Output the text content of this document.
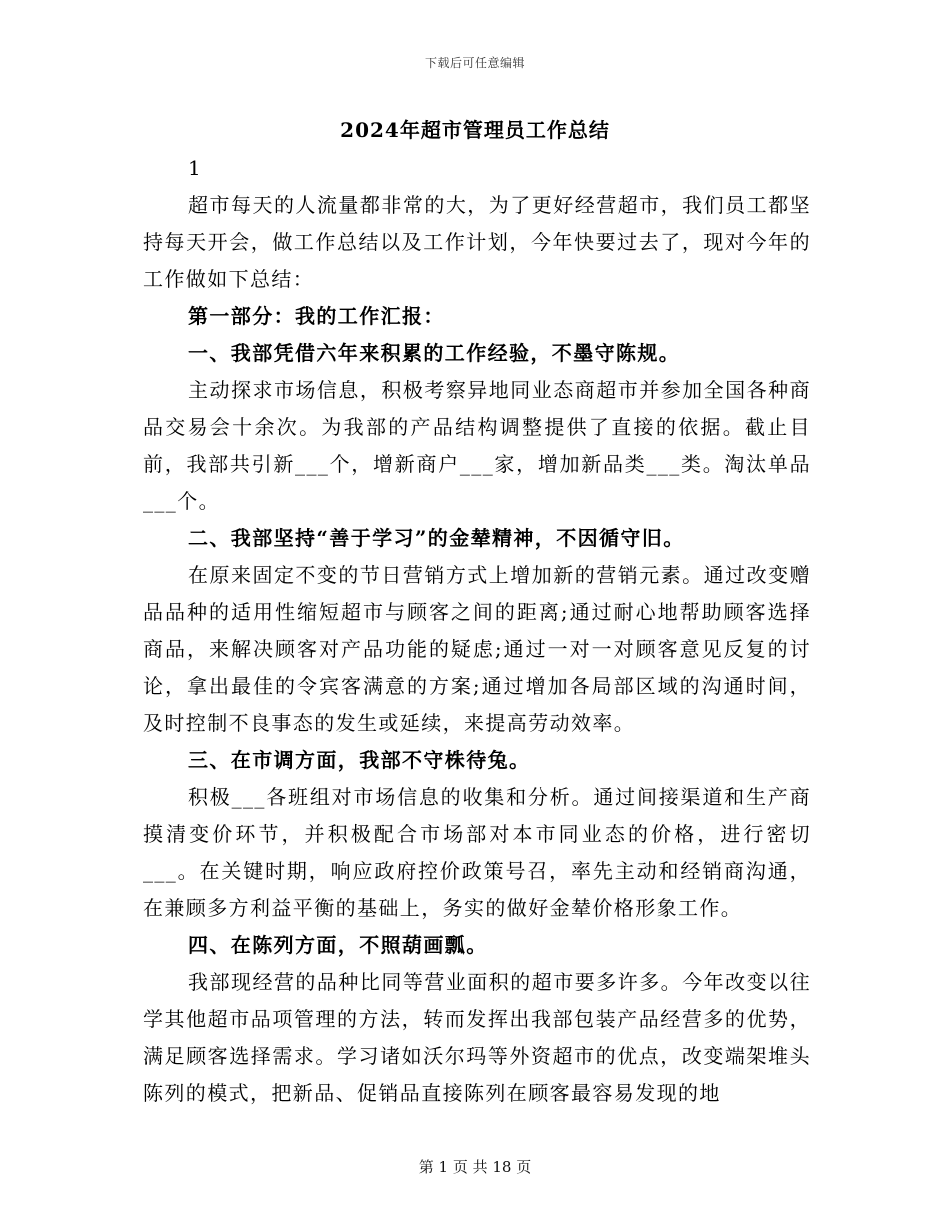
下载后可任意编辑
2024年超市管理员工作总结
1

超市每天的人流量都非常的大，为了更好经营超市，我们员工都坚持每天开会，做工作总结以及工作计划，今年快要过去了，现对今年的工作做如下总结：

第一部分：我的工作汇报：

一、我部凭借六年来积累的工作经验，不墨守陈规。

主动探求市场信息，积极考察异地同业态商超市并参加全国各种商品交易会十余次。为我部的产品结构调整提供了直接的依据。截止目前，我部共引新___个，增新商户___家，增加新品类___类。淘汰单品___个。

二、我部坚持“善于学习”的金辇精神，不因循守旧。

在原来固定不变的节日营销方式上增加新的营销元素。通过改变赠品品种的适用性缩短超市与顾客之间的距离;通过耐心地帮助顾客选择商品，来解决顾客对产品功能的疑虑;通过一对一对顾客意见反复的讨论，拿出最佳的令宾客满意的方案;通过增加各局部区域的沟通时间，及时控制不良事态的发生或延续，来提高劳动效率。

三、在市调方面，我部不守株待兔。

积极___各班组对市场信息的收集和分析。通过间接渠道和生产商摸清变价环节，并积极配合市场部对本市同业态的价格，进行密切___。在关键时期，响应政府控价政策号召，率先主动和经销商沟通，在兼顾多方利益平衡的基础上，务实的做好金辇价格形象工作。

四、在陈列方面，不照葫画瓢。

我部现经营的品种比同等营业面积的超市要多许多。今年改变以往学其他超市品项管理的方法，转而发挥出我部包装产品经营多的优势，满足顾客选择需求。学习诸如沃尔玛等外资超市的优点，改变端架堆头陈列的模式，把新品、促销品直接陈列在顾客最容易发现的地

第 1 页 共 18 页
